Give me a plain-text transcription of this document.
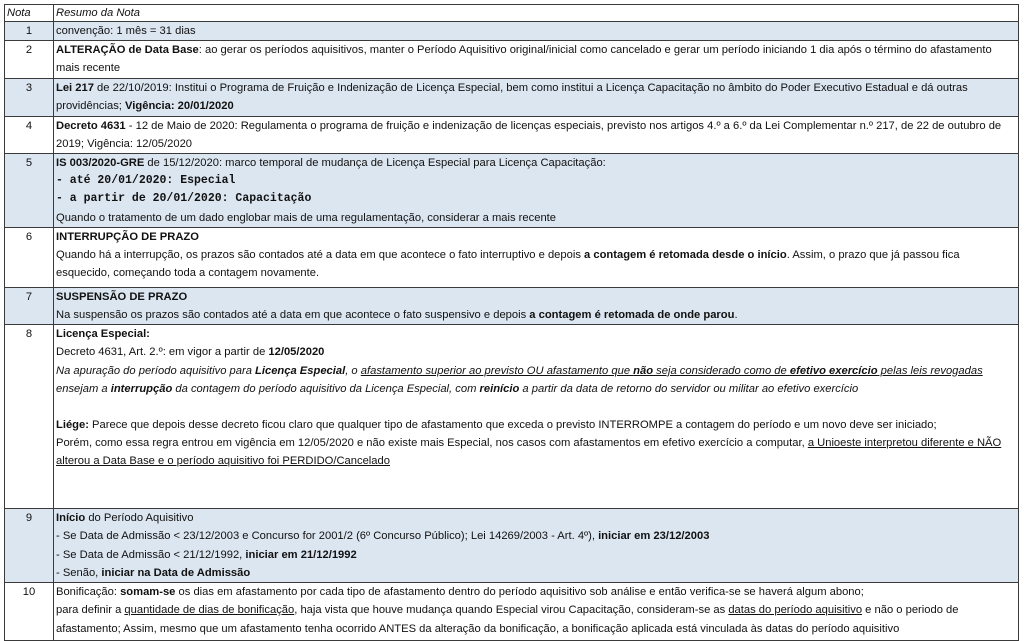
Nota	Resumo da Nota
1	convenção: 1 mês = 31 dias
2	ALTERAÇÃO de Data Base: ao gerar os períodos aquisitivos, manter o Período Aquisitivo original/inicial como cancelado e gerar um período iniciando 1 dia após o término do afastamento mais recente
3	Lei 217 de 22/10/2019: Institui o Programa de Fruição e Indenização de Licença Especial, bem como institui a Licença Capacitação no âmbito do Poder Executivo Estadual e dá outras providências; Vigência: 20/01/2020
4	Decreto 4631 - 12 de Maio de 2020: Regulamenta o programa de fruição e indenização de licenças especiais, previsto nos artigos 4.º a 6.º da Lei Complementar n.º 217, de 22 de outubro de 2019; Vigência: 12/05/2020
5	IS 003/2020-GRE de 15/12/2020: marco temporal de mudança de Licença Especial para Licença Capacitação:
- até 20/01/2020: Especial
- a partir de 20/01/2020: Capacitação
Quando o tratamento de um dado englobar mais de uma regulamentação, considerar a mais recente

6	INTERRUPÇÃO DE PRAZO
Quando há a interrupção, os prazos são contados até a data em que acontece o fato interruptivo e depois a contagem é retomada desde o início. Assim, o prazo que já passou fica esquecido, começando toda a contagem novamente.

7	SUSPENSÃO DE PRAZO
Na suspensão os prazos são contados até a data em que acontece o fato suspensivo e depois a contagem é retomada de onde parou.

8	Licença Especial:
Decreto 4631, Art. 2.º: em vigor a partir de 12/05/2020
Na apuração do período aquisitivo para Licença Especial, o afastamento superior ao previsto OU afastamento que não seja considerado como de efetivo exercício pelas leis revogadas ensejam a interrupção da contagem do período aquisitivo da Licença Especial, com reinício a partir da data de retorno do servidor ou militar ao efetivo exercício
Liége: Parece que depois desse decreto ficou claro que qualquer tipo de afastamento que exceda o previsto INTERROMPE a contagem do período e um novo deve ser iniciado;
Porém, como essa regra entrou em vigência em 12/05/2020 e não existe mais Especial, nos casos com afastamentos em efetivo exercício a computar, a Unioeste interpretou diferente e NÃO alterou a Data Base e o período aquisitivo foi PERDIDO/Cancelado

9	Início do Período Aquisitivo
- Se Data de Admissão < 23/12/2003 e Concurso for 2001/2 (6º Concurso Público); Lei 14269/2003 - Art. 4º), iniciar em 23/12/2003
- Se Data de Admissão < 21/12/1992, iniciar em 21/12/1992
- Senão, iniciar na Data de Admissão

10	Bonificação: somam-se os dias em afastamento por cada tipo de afastamento dentro do período aquisitivo sob análise e então verifica-se se haverá algum abono;
para definir a quantidade de dias de bonificação, haja vista que houve mudança quando Especial virou Capacitação, consideram-se as datas do período aquisitivo e não o periodo de afastamento; Assim, mesmo que um afastamento tenha ocorrido ANTES da alteração da bonificação, a bonificação aplicada está vinculada às datas do período aquisitivo
